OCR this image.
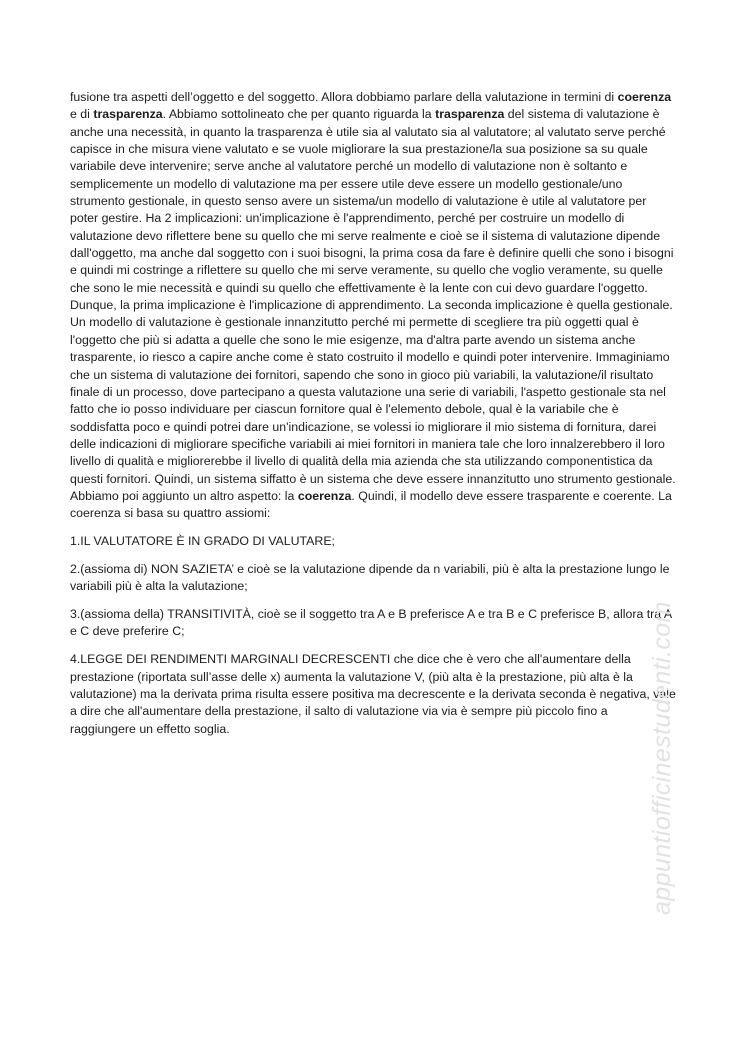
fusione tra aspetti dell’oggetto e del soggetto. Allora dobbiamo parlare della valutazione in termini di coerenza e di trasparenza. Abbiamo sottolineato che per quanto riguarda la trasparenza del sistema di valutazione è anche una necessità, in quanto la trasparenza è utile sia al valutato sia al valutatore; al valutato serve perché capisce in che misura viene valutato e se vuole migliorare la sua prestazione/la sua posizione sa su quale variabile deve intervenire; serve anche al valutatore perché un modello di valutazione non è soltanto e semplicemente un modello di valutazione ma per essere utile deve essere un modello gestionale/uno strumento gestionale, in questo senso avere un sistema/un modello di valutazione è utile al valutatore per poter gestire. Ha 2 implicazioni: un'implicazione è l'apprendimento, perché per costruire un modello di valutazione devo riflettere bene su quello che mi serve realmente e cioè se il sistema di valutazione dipende dall'oggetto, ma anche dal soggetto con i suoi bisogni, la prima cosa da fare è definire quelli che sono i bisogni e quindi mi costringe a riflettere su quello che mi serve veramente, su quello che voglio veramente, su quelle che sono le mie necessità e quindi su quello che effettivamente è la lente con cui devo guardare l'oggetto. Dunque, la prima implicazione è l'implicazione di apprendimento. La seconda implicazione è quella gestionale. Un modello di valutazione è gestionale innanzitutto perché mi permette di scegliere tra più oggetti qual è l'oggetto che più si adatta a quelle che sono le mie esigenze, ma d'altra parte avendo un sistema anche trasparente, io riesco a capire anche come è stato costruito il modello e quindi poter intervenire. Immaginiamo che un sistema di valutazione dei fornitori, sapendo che sono in gioco più variabili, la valutazione/il risultato finale di un processo, dove partecipano a questa valutazione una serie di variabili, l'aspetto gestionale sta nel fatto che io posso individuare per ciascun fornitore qual è l'elemento debole, qual è la variabile che è soddisfatta poco e quindi potrei dare un'indicazione, se volessi io migliorare il mio sistema di fornitura, darei delle indicazioni di migliorare specifiche variabili ai miei fornitori in maniera tale che loro innalzerebbero il loro livello di qualità e migliorerebbe il livello di qualità della mia azienda che sta utilizzando componentistica da questi fornitori. Quindi, un sistema siffatto è un sistema che deve essere innanzitutto uno strumento gestionale. Abbiamo poi aggiunto un altro aspetto: la coerenza. Quindi, il modello deve essere trasparente e coerente. La coerenza si basa su quattro assiomi:

1.IL VALUTATORE È IN GRADO DI VALUTARE;

2.(assioma di) NON SAZIETA’ e cioè se la valutazione dipende da n variabili, più è alta la prestazione lungo le variabili più è alta la valutazione;

3.(assioma della) TRANSITIVITÀ, cioè se il soggetto tra A e B preferisce A e tra B e C preferisce B, allora tra A e C deve preferire C;

4.LEGGE DEI RENDIMENTI MARGINALI DECRESCENTI che dice che è vero che all'aumentare della prestazione (riportata sull’asse delle x) aumenta la valutazione V, (più alta è la prestazione, più alta è la valutazione) ma la derivata prima risulta essere positiva ma decrescente e la derivata seconda è negativa, vale a dire che all'aumentare della prestazione, il salto di valutazione via via è sempre più piccolo fino a raggiungere un effetto soglia.	appuntiofficinestudenti.com
